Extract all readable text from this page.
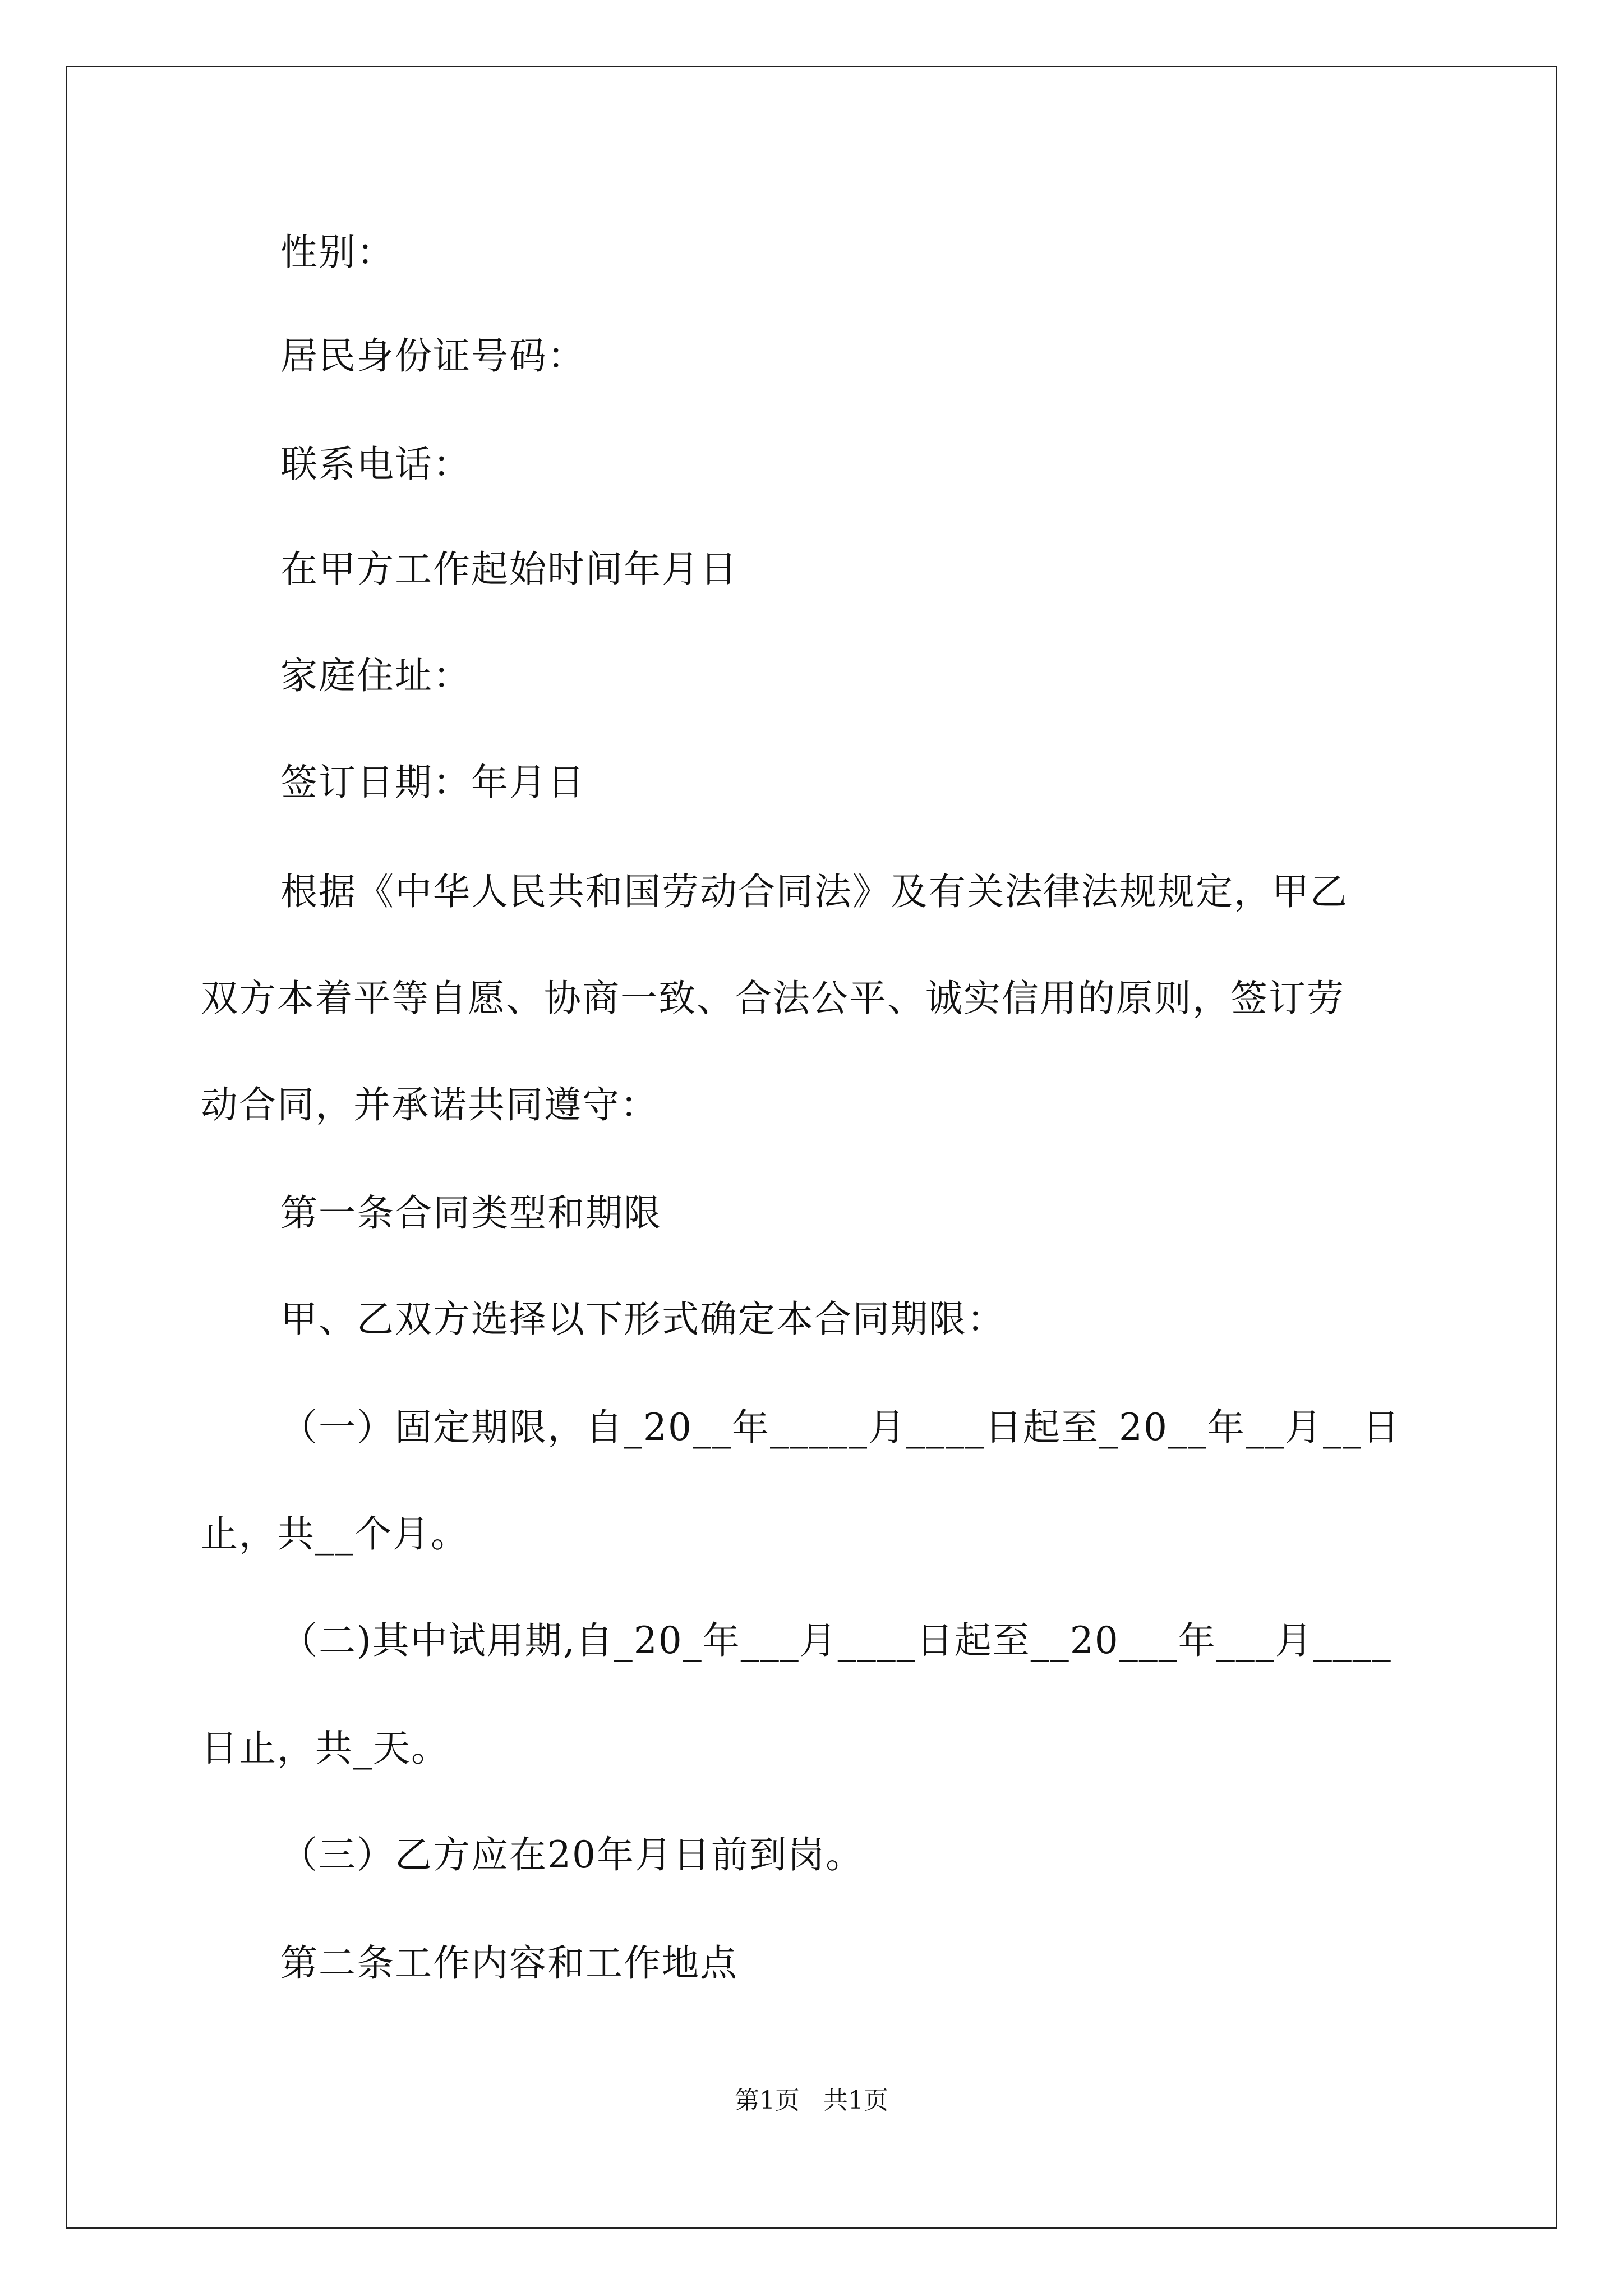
性别：
居民身份证号码：
联系电话：
在甲方工作起始时间年月日
家庭住址：
签订日期：年月日
根据《中华人民共和国劳动合同法》及有关法律法规规定，甲乙
双方本着平等自愿、协商一致、合法公平、诚实信用的原则，签订劳
动合同，并承诺共同遵守：
第一条合同类型和期限
甲、乙双方选择以下形式确定本合同期限：
（一）固定期限，自_20__年_____月____日起至_20__年__月__日
止，共__个月。
（二)其中试用期,自_20_年___月____日起至__20___年___月____
日止，共_天。
（三）乙方应在20年月日前到岗。
第二条工作内容和工作地点
第1页   共1页
